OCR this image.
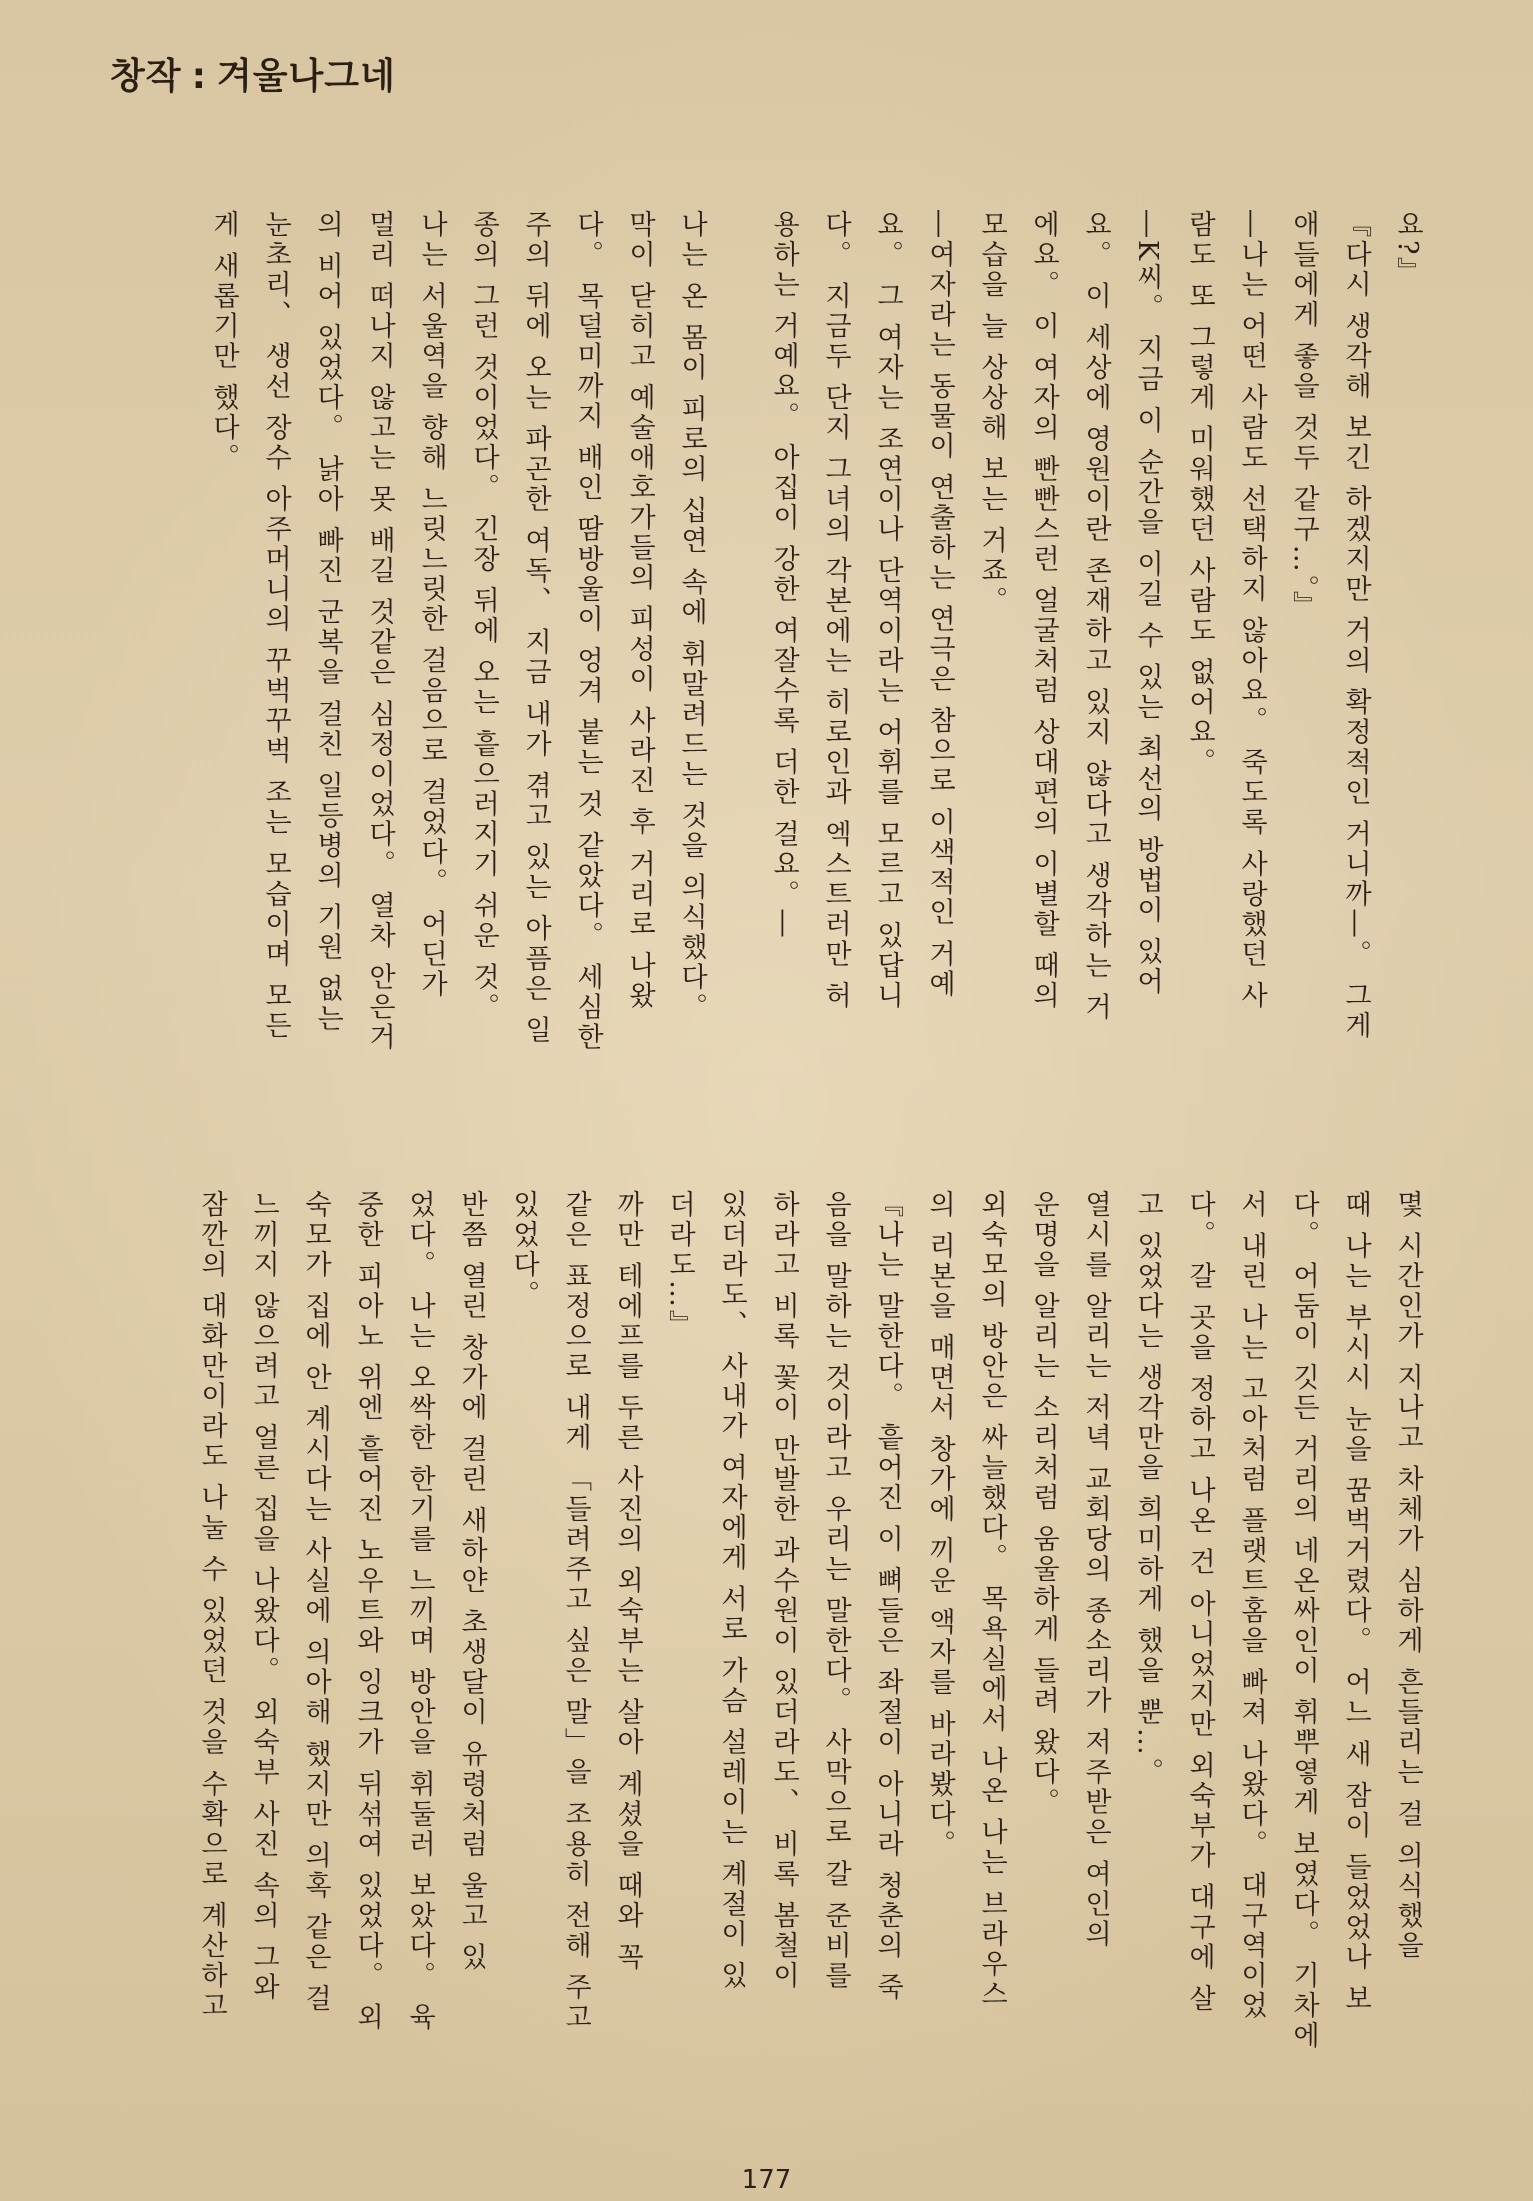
창작 : 겨울나그네
요?』
『다시 생각해 보긴 하겠지만 거의 확정적인 거니까―。 그게
애들에게 좋을 것두 같구…。』
―나는 어떤 사람도 선택하지 않아요。 죽도록 사랑했던 사
람도 또 그렇게 미워했던 사람도 없어요。
―K씨。 지금 이 순간을 이길 수 있는 최선의 방법이 있어
요。 이 세상에 영원이란 존재하고 있지 않다고 생각하는 거
에요。 이 여자의 빤빤스런 얼굴처럼 상대편의 이별할 때의
모습을 늘 상상해 보는 거죠。
―여자라는 동물이 연출하는 연극은 참으로 이색적인 거예
요。 그 여자는 조연이나 단역이라는 어휘를 모르고 있답니
다。 지금두 단지 그녀의 각본에는 히로인과 엑스트러만 허
용하는 거예요。 아집이 강한 여잘수록 더한 걸요。―
나는 온 몸이 피로의 십연 속에 휘말려드는 것을 의식했다。
막이 닫히고 예술애호가들의 피성이 사라진 후 거리로 나왔
다。 목덜미까지 배인 땀방울이 엉겨 붙는 것 같았다。 세심한
주의 뒤에 오는 파곤한 여독、 지금 내가 겪고 있는 아픔은 일
종의 그런 것이었다。 긴장 뒤에 오는 흩으러지기 쉬운 것。
나는 서울역을 향해 느릿느릿한 걸음으로 걸었다。 어딘가
멀리 떠나지 않고는 못 배길 것같은 심정이었다。 열차 안은거
의 비어 있었다。 낡아 빠진 군복을 걸친 일등병의 기원 없는
눈초리、 생선 장수 아주머니의 꾸벅꾸벅 조는 모습이며 모든
게 새롭기만 했다。
몇 시간인가 지나고 차체가 심하게 흔들리는 걸 의식했을
때 나는 부시시 눈을 꿈벅거렸다。 어느 새 잠이 들었었나 보
다。 어둠이 깃든 거리의 네온싸인이 휘뿌옇게 보였다。 기차에
서 내린 나는 고아처럼 플랫트홈을 빠져 나왔다。 대구역이었
다。 갈 곳을 정하고 나온 건 아니었지만 외숙부가 대구에 살
고 있었다는 생각만을 희미하게 했을 뿐…。
열시를 알리는 저녁 교회당의 종소리가 저주받은 여인의
운명을 알리는 소리처럼 움울하게 들려 왔다。
외숙모의 방안은 싸늘했다。 목욕실에서 나온 나는 브라우스
의 리본을 매면서 창가에 끼운 액자를 바라봤다。
『나는 말한다。 흩어진 이 뼈들은 좌절이 아니라 청춘의 죽
음을 말하는 것이라고 우리는 말한다。 사막으로 갈 준비를
하라고 비록 꽃이 만발한 과수원이 있더라도、 비록 봄철이
있더라도、 사내가 여자에게 서로 가슴 설레이는 계절이 있
더라도…』
까만 테에프를 두른 사진의 외숙부는 살아 계셨을 때와 꼭
같은 표정으로 내게 「들려주고 싶은 말」을 조용히 전해 주고
있었다。
반쯤 열린 창가에 걸린 새하얀 초생달이 유령처럼 울고 있
었다。 나는 오싹한 한기를 느끼며 방안을 휘둘러 보았다。 육
중한 피아노 위엔 흩어진 노우트와 잉크가 뒤섞여 있었다。 외
숙모가 집에 안 계시다는 사실에 의아해 했지만 의혹 같은 걸
느끼지 않으려고 얼른 집을 나왔다。 외숙부 사진 속의 그와
잠깐의 대화만이라도 나눌 수 있었던 것을 수확으로 계산하고
177
